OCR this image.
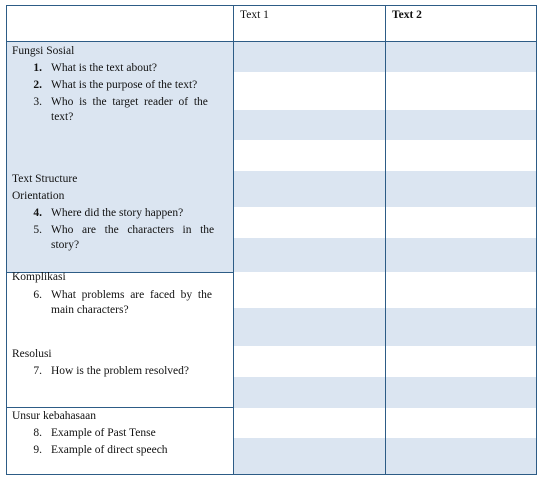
Text 1	Text 2
Fungsi Sosial
1. What is the text about?
2. What is the purpose of the text?
3. Who  is  the  target  reader  of  the
text?
Text Structure
Orientation
4. Where did the story happen?
5. Who   are   the   characters   in   the
story?
Komplikasi
6. What  problems  are  faced  by  the
main characters?
Resolusi
7. How is the problem resolved?
Unsur kebahasaan
8. Example of Past Tense
9. Example of direct speech
